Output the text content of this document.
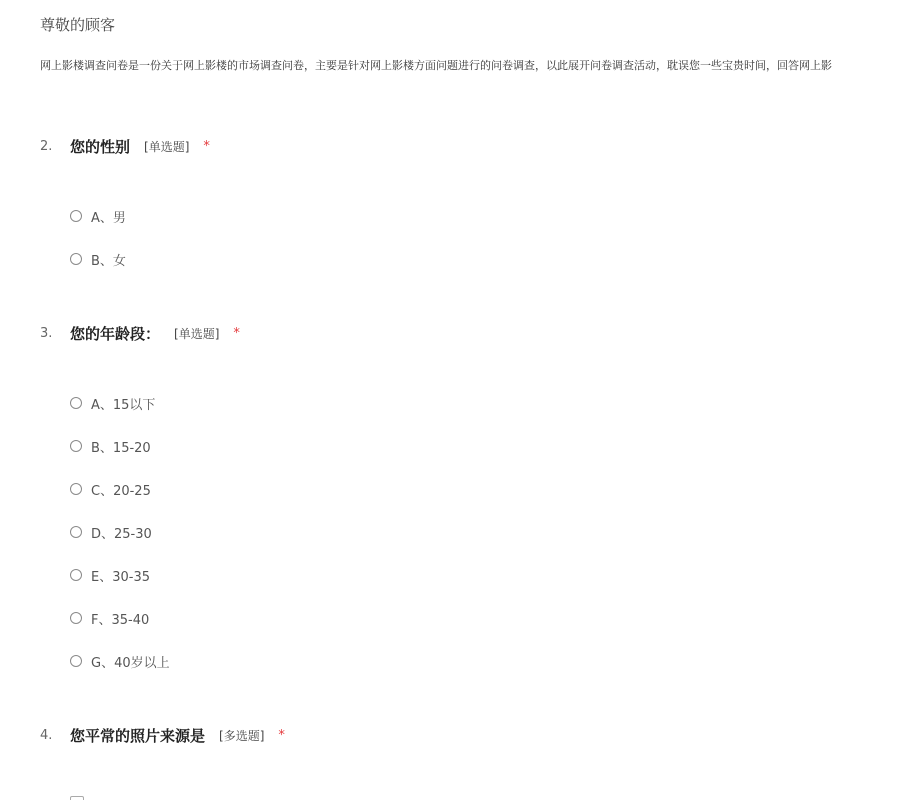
尊敬的顾客
网上影楼调查问卷是一份关于网上影楼的市场调查问卷，主要是针对网上影楼方面问题进行的问卷调查，以此展开问卷调查活动，耽误您一些宝贵时间，回答网上影
2.	您的性别 [单选题] *
A、男
B、女
3.	您的年龄段： [单选题] *
A、15以下
B、15-20
C、20-25
D、25-30
E、30-35
F、35-40
G、40岁以上
4.	您平常的照片来源是 [多选题] *
